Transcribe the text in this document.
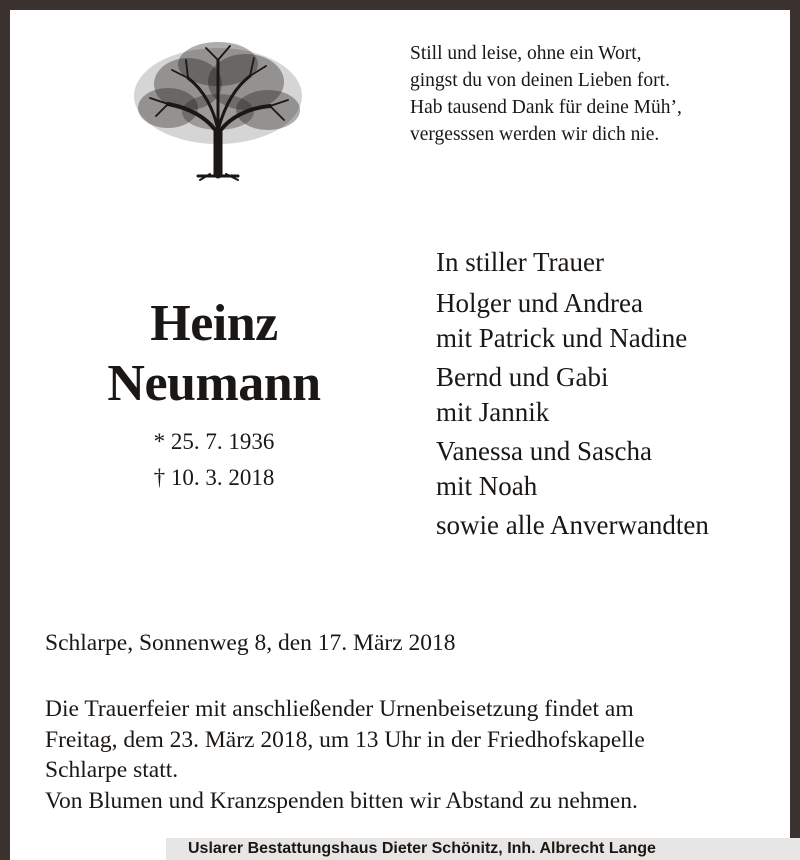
Still und leise, ohne ein Wort,
gingst du von deinen Lieben fort.
Hab tausend Dank für deine Müh’,
vergesssen werden wir dich nie.
Heinz
Neumann
* 25. 7. 1936
† 10. 3. 2018
In stiller Trauer
Holger und Andrea
mit Patrick und Nadine
Bernd und Gabi
mit Jannik
Vanessa und Sascha
mit Noah
sowie alle Anverwandten
Schlarpe, Sonnenweg 8, den 17. März 2018
Die Trauerfeier mit anschließender Urnenbeisetzung findet am
Freitag, dem 23. März 2018, um 13 Uhr in der Friedhofskapelle
Schlarpe statt.
Von Blumen und Kranzspenden bitten wir Abstand zu nehmen.
Uslarer Bestattungshaus Dieter Schönitz, Inh. Albrecht Lange
